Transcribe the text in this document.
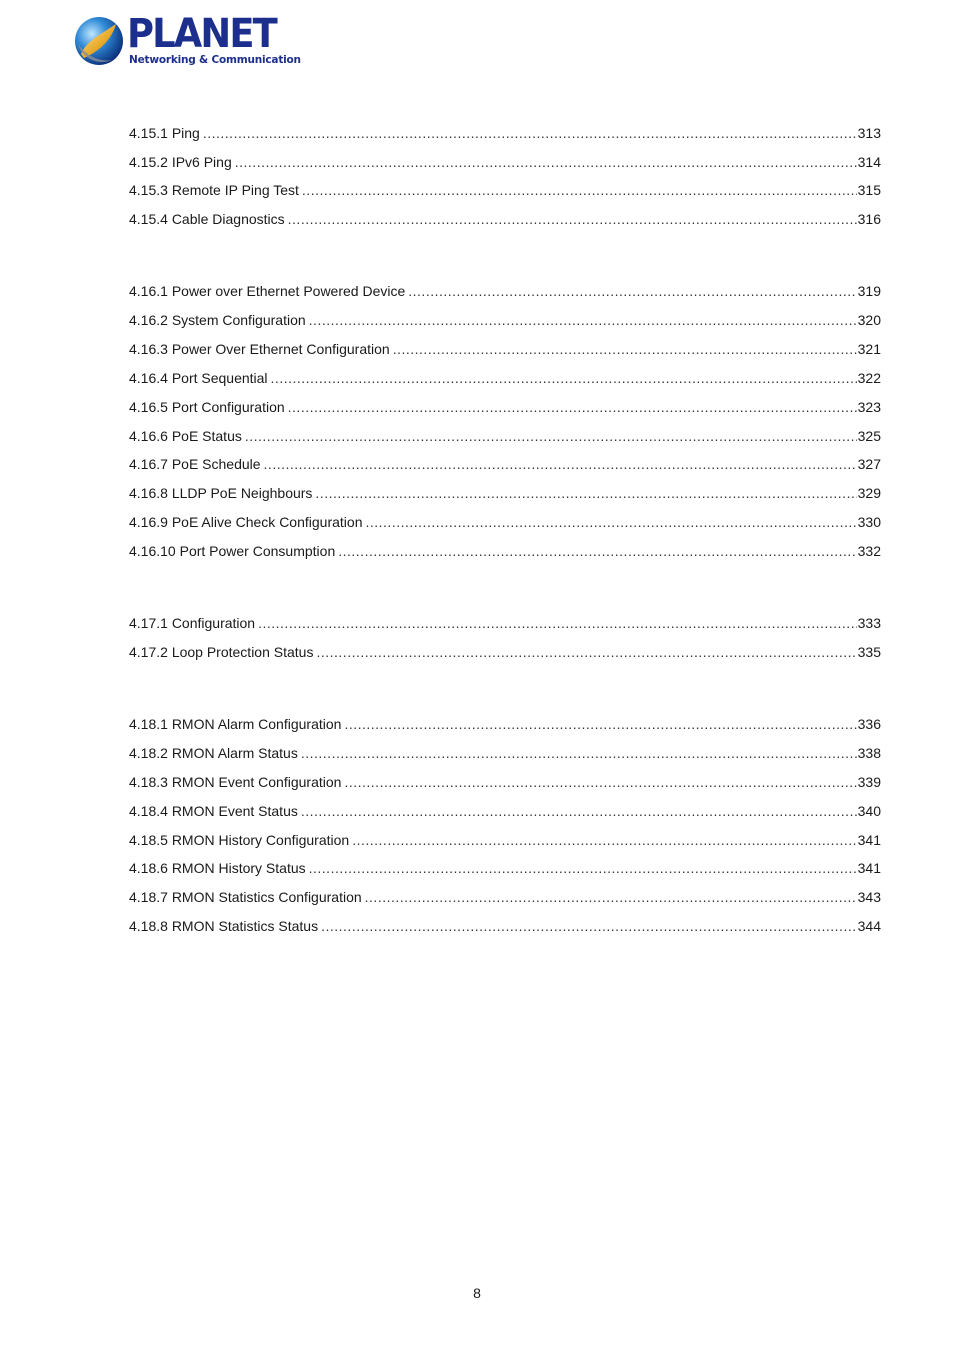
PLANET
Networking & Communication
4.15.1 Ping .....	313
4.15.2 IPv6 Ping .....	314
4.15.3 Remote IP Ping Test .....	315
4.15.4 Cable Diagnostics .....	316
4.16.1 Power over Ethernet Powered Device .....	319
4.16.2 System Configuration .....	320
4.16.3 Power Over Ethernet Configuration .....	321
4.16.4 Port Sequential .....	322
4.16.5 Port Configuration .....	323
4.16.6 PoE Status .....	325
4.16.7 PoE Schedule .....	327
4.16.8 LLDP PoE Neighbours .....	329
4.16.9 PoE Alive Check Configuration .....	330
4.16.10 Port Power Consumption .....	332
4.17.1 Configuration .....	333
4.17.2 Loop Protection Status .....	335
4.18.1 RMON Alarm Configuration .....	336
4.18.2 RMON Alarm Status .....	338
4.18.3 RMON Event Configuration .....	339
4.18.4 RMON Event Status .....	340
4.18.5 RMON History Configuration .....	341
4.18.6 RMON History Status .....	341
4.18.7 RMON Statistics Configuration .....	343
4.18.8 RMON Statistics Status .....	344
8
